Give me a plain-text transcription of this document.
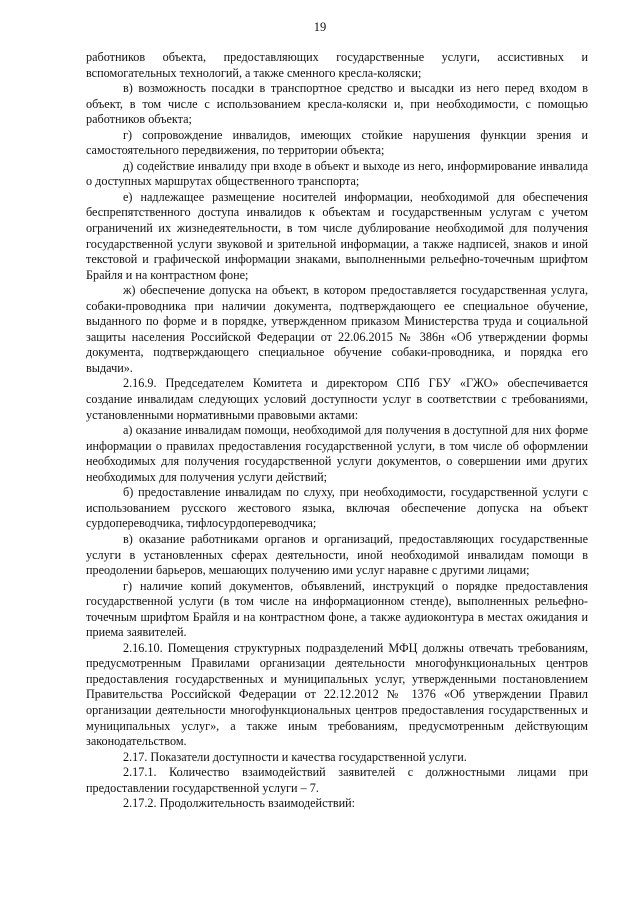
19

работников объекта, предоставляющих государственные услуги, ассистивных и вспомогательных технологий, а также сменного кресла-коляски;

в) возможность посадки в транспортное средство и высадки из него перед входом в объект, в том числе с использованием кресла-коляски и, при необходимости, с помощью работников объекта;

г) сопровождение инвалидов, имеющих стойкие нарушения функции зрения и самостоятельного передвижения, по территории объекта;

д) содействие инвалиду при входе в объект и выходе из него, информирование инвалида о доступных маршрутах общественного транспорта;

е) надлежащее размещение носителей информации, необходимой для обеспечения беспрепятственного доступа инвалидов к объектам и государственным услугам с учетом ограничений их жизнедеятельности, в том числе дублирование необходимой для получения государственной услуги звуковой и зрительной информации, а также надписей, знаков и иной текстовой и графической информации знаками, выполненными рельефно-точечным шрифтом Брайля и на контрастном фоне;

ж) обеспечение допуска на объект, в котором предоставляется государственная услуга, собаки-проводника при наличии документа, подтверждающего ее специальное обучение, выданного по форме и в порядке, утвержденном приказом Министерства труда и социальной защиты населения Российской Федерации от 22.06.2015 № 386н «Об утверждении формы документа, подтверждающего специальное обучение собаки-проводника, и порядка его выдачи».

2.16.9. Председателем Комитета и директором СПб ГБУ «ГЖО» обеспечивается создание инвалидам следующих условий доступности услуг в соответствии с требованиями, установленными нормативными правовыми актами:

а) оказание инвалидам помощи, необходимой для получения в доступной для них форме информации о правилах предоставления государственной услуги, в том числе об оформлении необходимых для получения государственной услуги документов, о совершении ими других необходимых для получения услуги действий;

б) предоставление инвалидам по слуху, при необходимости, государственной услуги с использованием русского жестового языка, включая обеспечение допуска на объект сурдопереводчика, тифлосурдопереводчика;

в) оказание работниками органов и организаций, предоставляющих государственные услуги в установленных сферах деятельности, иной необходимой инвалидам помощи в преодолении барьеров, мешающих получению ими услуг наравне с другими лицами;

г) наличие копий документов, объявлений, инструкций о порядке предоставления государственной услуги (в том числе на информационном стенде), выполненных рельефно-точечным шрифтом Брайля и на контрастном фоне, а также аудиоконтура в местах ожидания и приема заявителей.

2.16.10. Помещения структурных подразделений МФЦ должны отвечать требованиям, предусмотренным Правилами организации деятельности многофункциональных центров предоставления государственных и муниципальных услуг, утвержденными постановлением Правительства Российской Федерации от 22.12.2012 № 1376 «Об утверждении Правил организации деятельности многофункциональных центров предоставления государственных и муниципальных услуг», а также иным требованиям, предусмотренным действующим законодательством.

2.17. Показатели доступности и качества государственной услуги.

2.17.1. Количество взаимодействий заявителей с должностными лицами при предоставлении государственной услуги – 7.

2.17.2. Продолжительность взаимодействий:
